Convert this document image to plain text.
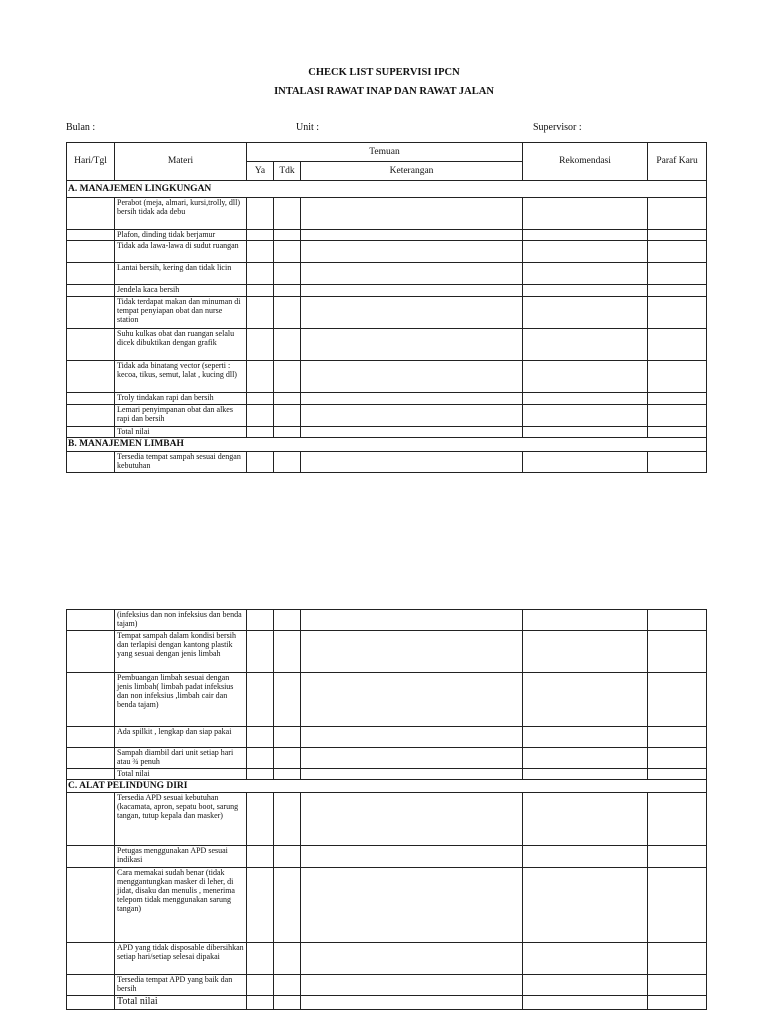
CHECK LIST SUPERVISI IPCN
INTALASI RAWAT INAP DAN RAWAT JALAN
Bulan :	Unit :	Supervisor :
Hari/Tgl	Materi	Temuan			Rekomendasi	Paraf Karu
		Ya	Tdk	Keterangan		
A. MANAJEMEN LINGKUNGAN						
	Perabot (meja, almari, kursi,trolly, dll) bersih tidak ada debu					
	Plafon, dinding tidak berjamur					
	Tidak ada lawa-lawa di sudut ruangan					
	Lantai bersih, kering dan tidak licin					
	Jendela kaca bersih					
	Tidak terdapat makan dan minuman di tempat penyiapan obat dan nurse station					
	Suhu kulkas obat dan ruangan selalu dicek dibuktikan dengan grafik					
	Tidak ada binatang vector (seperti : kecoa, tikus, semut, lalat , kucing dll)					
	Troly tindakan rapi dan bersih					
	Lemari penyimpanan obat dan alkes rapi dan bersih					
	Total nilai					
B. MANAJEMEN LIMBAH						
	Tersedia tempat sampah sesuai dengan kebutuhan					
	(infeksius dan non infeksius dan benda tajam)					
	Tempat sampah dalam kondisi bersih dan terlapisi dengan kantong plastik yang sesuai dengan jenis limbah					
	Pembuangan limbah sesuai dengan jenis limbah( limbah padat infeksius dan non infeksius ,limbah cair dan benda tajam)					
	Ada spilkit , lengkap dan siap pakai					
	Sampah diambil dari unit setiap hari atau ¾ penuh					
	Total nilai					
C. ALAT PELINDUNG DIRI						
	Tersedia APD sesuai kebutuhan (kacamata, apron, sepatu boot, sarung tangan, tutup kepala dan masker)					
	Petugas menggunakan APD sesuai indikasi					
	Cara memakai sudah benar (tidak menggantungkan masker di leher, di jidat, disaku dan menulis , menerima telepom tidak menggunakan sarung tangan)					
	APD yang tidak disposable dibersihkan setiap hari/setiap selesai dipakai					
	Tersedia tempat APD yang baik dan bersih					
	Total nilai					
